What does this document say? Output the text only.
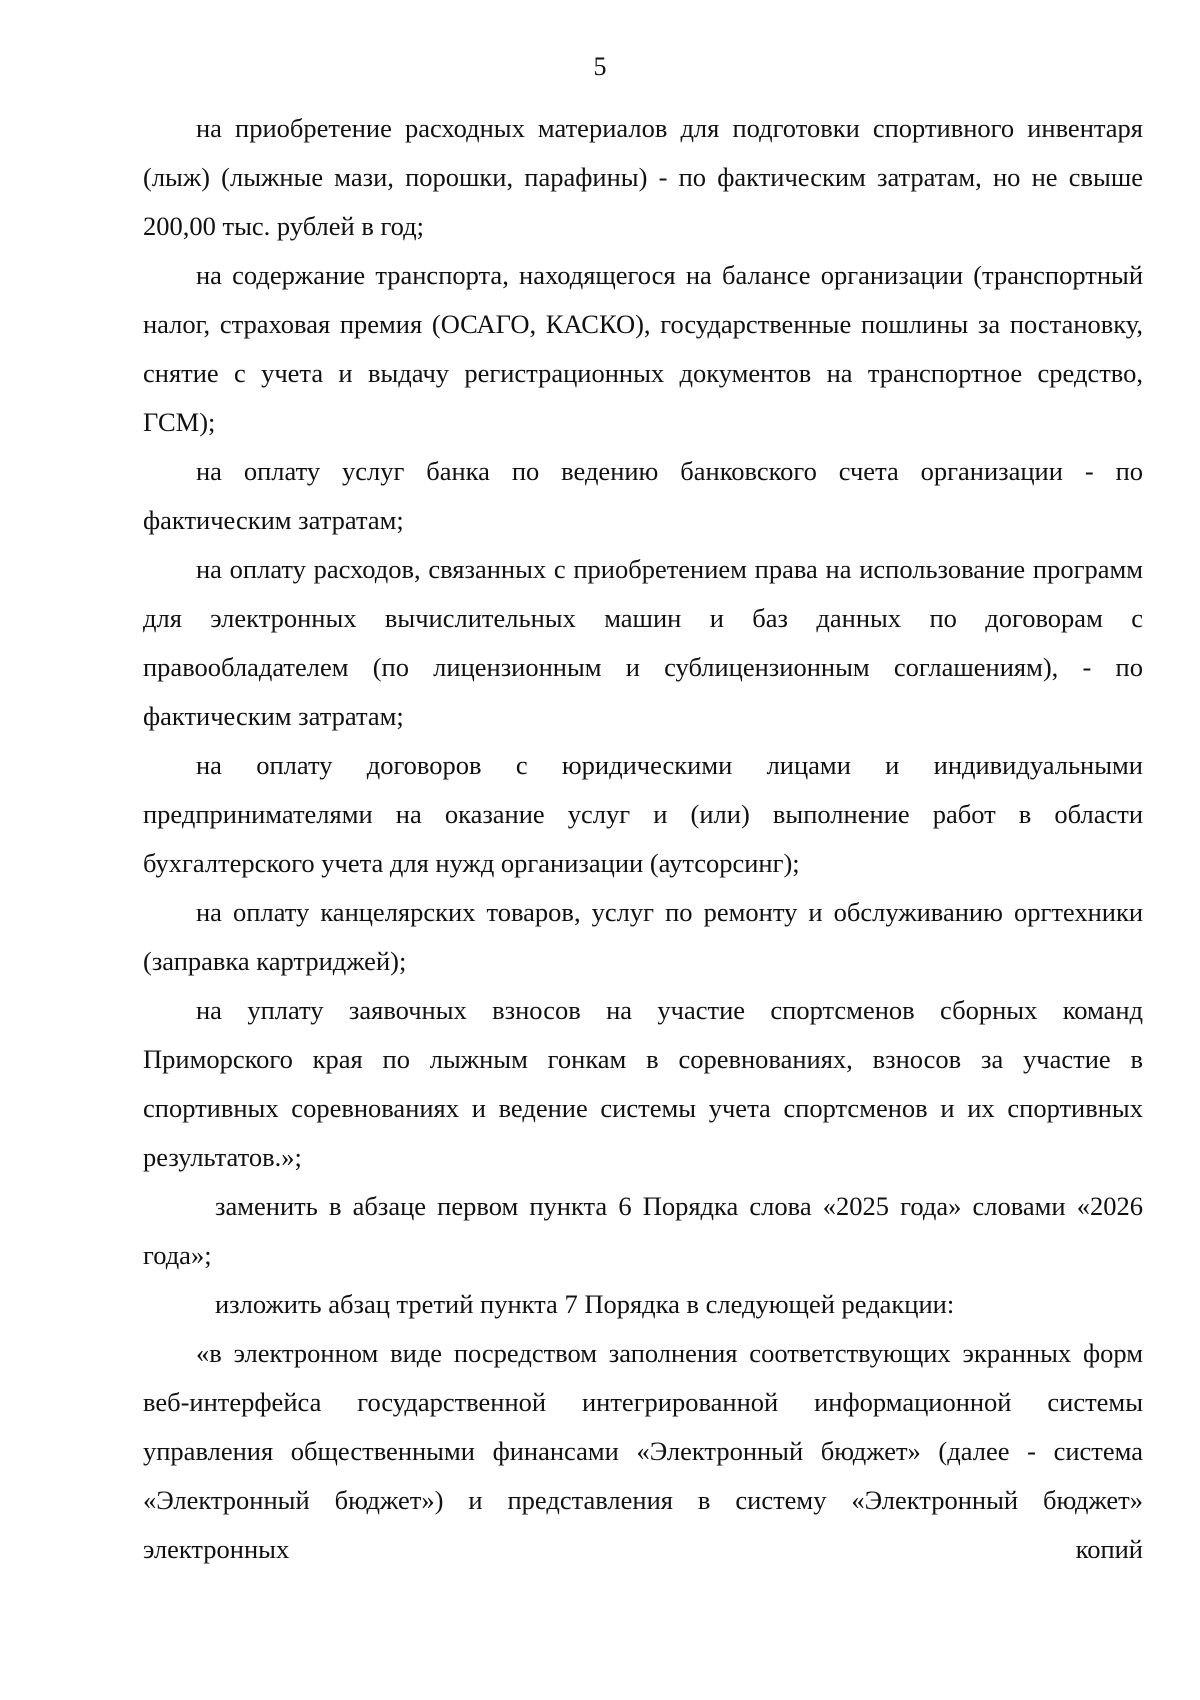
5

на приобретение расходных материалов для подготовки спортивного инвентаря (лыж) (лыжные мази, порошки, парафины) - по фактическим затратам, но не свыше 200,00 тыс. рублей в год;

на содержание транспорта, находящегося на балансе организации (транспортный налог, страховая премия (ОСАГО, КАСКО), государственные пошлины за постановку, снятие с учета и выдачу регистрационных документов на транспортное средство, ГСМ);

на оплату услуг банка по ведению банковского счета организации - по фактическим затратам;

на оплату расходов, связанных с приобретением права на использование программ для электронных вычислительных машин и баз данных по договорам с правообладателем (по лицензионным и сублицензионным соглашениям), - по фактическим затратам;

на оплату договоров с юридическими лицами и индивидуальными предпринимателями на оказание услуг и (или) выполнение работ в области бухгалтерского учета для нужд организации (аутсорсинг);

на оплату канцелярских товаров, услуг по ремонту и обслуживанию оргтехники (заправка картриджей);

на уплату заявочных взносов на участие спортсменов сборных команд Приморского края по лыжным гонкам в соревнованиях, взносов за участие в спортивных соревнованиях и ведение системы учета спортсменов и их спортивных результатов.»;

заменить в абзаце первом пункта 6 Порядка слова «2025 года» словами «2026 года»;

изложить абзац третий пункта 7 Порядка в следующей редакции:

«в электронном виде посредством заполнения соответствующих экранных форм веб-интерфейса государственной интегрированной информационной системы управления общественными финансами «Электронный бюджет» (далее - система «Электронный бюджет») и представления в систему «Электронный бюджет» электронных копий
